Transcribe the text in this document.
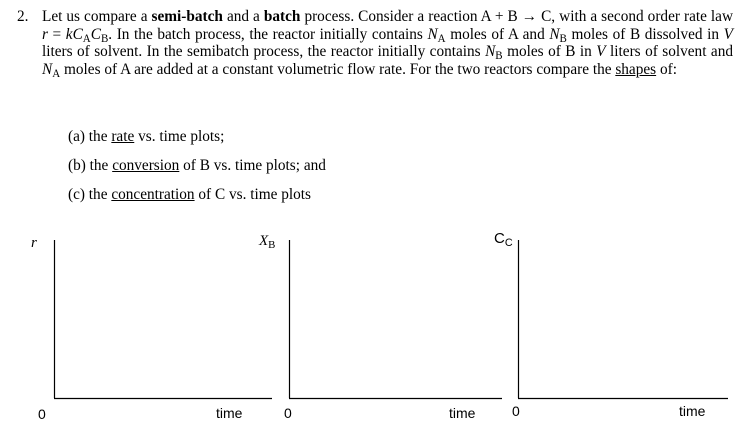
2. Let us compare a semi-batch and a batch process. Consider a reaction A + B → C, with a second order rate law $r = kC_AC_B$. In the batch process, the reactor initially contains $N_A$ moles of A and $N_B$ moles of B dissolved in V liters of solvent. In the semibatch process, the reactor initially contains $N_B$ moles of B in V liters of solvent and $N_A$ moles of A are added at a constant volumetric flow rate. For the two reactors compare the shapes of:
(a) the rate vs. time plots;
(b) the conversion of B vs. time plots; and
(c) the concentration of C vs. time plots
r
0	time
$X_B$
0	time
$C_C$
0	time
